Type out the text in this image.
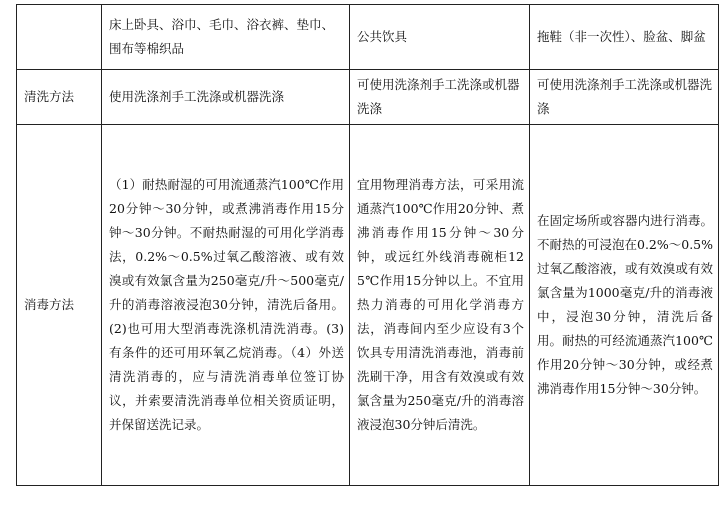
	床上卧具、浴巾、毛巾、浴衣裤、垫巾、围布等棉织品	公共饮具	拖鞋（非一次性）、脸盆、脚盆
清洗方法	使用洗涤剂手工洗涤或机器洗涤	可使用洗涤剂手工洗涤或机器洗涤	可使用洗涤剂手工洗涤或机器洗涤
消毒方法	（1）耐热耐湿的可用流通蒸汽100℃作用20分钟～30分钟，或煮沸消毒作用15分钟～30分钟。不耐热耐湿的可用化学消毒法，0.2%～0.5%过氧乙酸溶液、或有效溴或有效氯含量为250毫克/升～500毫克/升的消毒溶液浸泡30分钟，清洗后备用。(2)也可用大型消毒洗涤机清洗消毒。(3)有条件的还可用环氧乙烷消毒。（4）外送清洗消毒的，应与清洗消毒单位签订协议，并索要清洗消毒单位相关资质证明，并保留送洗记录。	宜用物理消毒方法，可采用流通蒸汽100℃作用20分钟、煮沸消毒作用15分钟～30分钟，或远红外线消毒碗柜125℃作用15分钟以上。不宜用热力消毒的可用化学消毒方法，消毒间内至少应设有3个饮具专用清洗消毒池，消毒前洗刷干净，用含有效溴或有效氯含量为250毫克/升的消毒溶液浸泡30分钟后清洗。	在固定场所或容器内进行消毒。不耐热的可浸泡在0.2%～0.5%过氧乙酸溶液，或有效溴或有效氯含量为1000毫克/升的消毒液中，浸泡30分钟，清洗后备用。耐热的可经流通蒸汽100℃作用20分钟～30分钟，或经煮沸消毒作用15分钟～30分钟。
